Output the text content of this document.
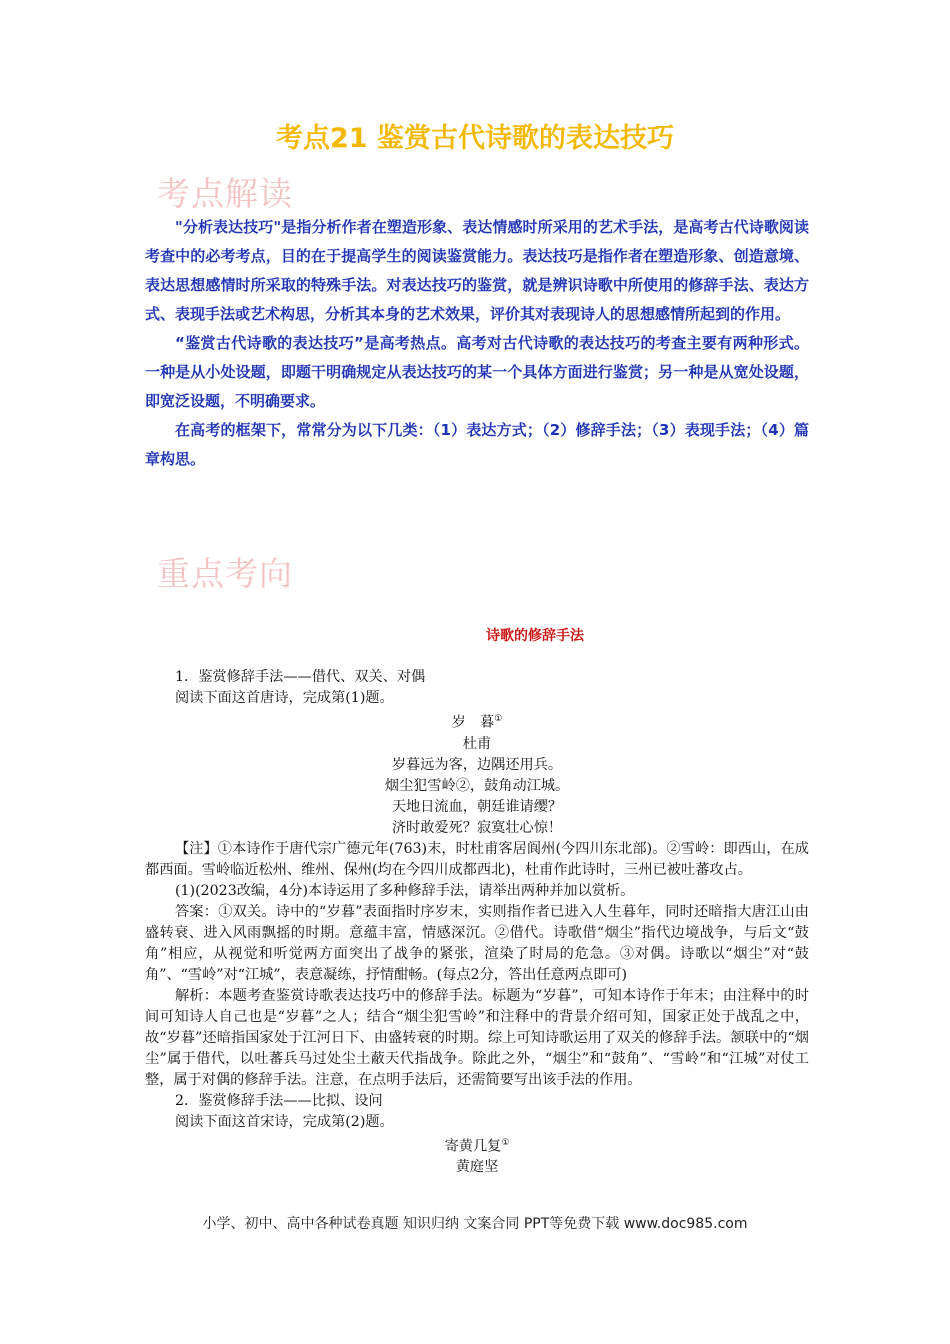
考点21 鉴赏古代诗歌的表达技巧
考点解读

"分析表达技巧"是指分析作者在塑造形象、表达情感时所采用的艺术手法，是高考古代诗歌阅读考查中的必考考点，目的在于提高学生的阅读鉴赏能力。表达技巧是指作者在塑造形象、创造意境、表达思想感情时所采取的特殊手法。对表达技巧的鉴赏，就是辨识诗歌中所使用的修辞手法、表达方式、表现手法或艺术构思，分析其本身的艺术效果，评价其对表现诗人的思想感情所起到的作用。

“鉴赏古代诗歌的表达技巧”是高考热点。高考对古代诗歌的表达技巧的考查主要有两种形式。一种是从小处设题，即题干明确规定从表达技巧的某一个具体方面进行鉴赏；另一种是从宽处设题，即宽泛设题，不明确要求。

在高考的框架下，常常分为以下几类：（1）表达方式；（2）修辞手法；（3）表现手法；（4）篇章构思。

重点考向
诗歌的修辞手法

1．鉴赏修辞手法——借代、双关、对偶

阅读下面这首唐诗，完成第(1)题。

岁　暮①

杜甫

岁暮远为客，边隅还用兵。

烟尘犯雪岭②，鼓角动江城。

天地日流血，朝廷谁请缨？

济时敢爱死？寂寞壮心惊！

【注】①本诗作于唐代宗广德元年(763)末，时杜甫客居阆州(今四川东北部)。②雪岭：即西山，在成都西面。雪岭临近松州、维州、保州(均在今四川成都西北)，杜甫作此诗时，三州已被吐蕃攻占。

(1)(2023改编，4分)本诗运用了多种修辞手法，请举出两种并加以赏析。

答案：①双关。诗中的“岁暮”表面指时序岁末，实则指作者已进入人生暮年，同时还暗指大唐江山由盛转衰、进入风雨飘摇的时期。意蕴丰富，情感深沉。②借代。诗歌借“烟尘”指代边境战争，与后文“鼓角”相应，从视觉和听觉两方面突出了战争的紧张，渲染了时局的危急。③对偶。诗歌以“烟尘”对“鼓角”、“雪岭”对“江城”，表意凝练，抒情酣畅。(每点2分，答出任意两点即可)

解析：本题考查鉴赏诗歌表达技巧中的修辞手法。标题为“岁暮”，可知本诗作于年末；由注释中的时间可知诗人自己也是“岁暮”之人；结合“烟尘犯雪岭”和注释中的背景介绍可知，国家正处于战乱之中，故“岁暮”还暗指国家处于江河日下、由盛转衰的时期。综上可知诗歌运用了双关的修辞手法。颔联中的“烟尘”属于借代，以吐蕃兵马过处尘土蔽天代指战争。除此之外，“烟尘”和“鼓角”、“雪岭”和“江城”对仗工整，属于对偶的修辞手法。注意，在点明手法后，还需简要写出该手法的作用。

2．鉴赏修辞手法——比拟、设问

阅读下面这首宋诗，完成第(2)题。

寄黄几复①

黄庭坚

小学、初中、高中各种试卷真题 知识归纳 文案合同 PPT等免费下载 www.doc985.com
